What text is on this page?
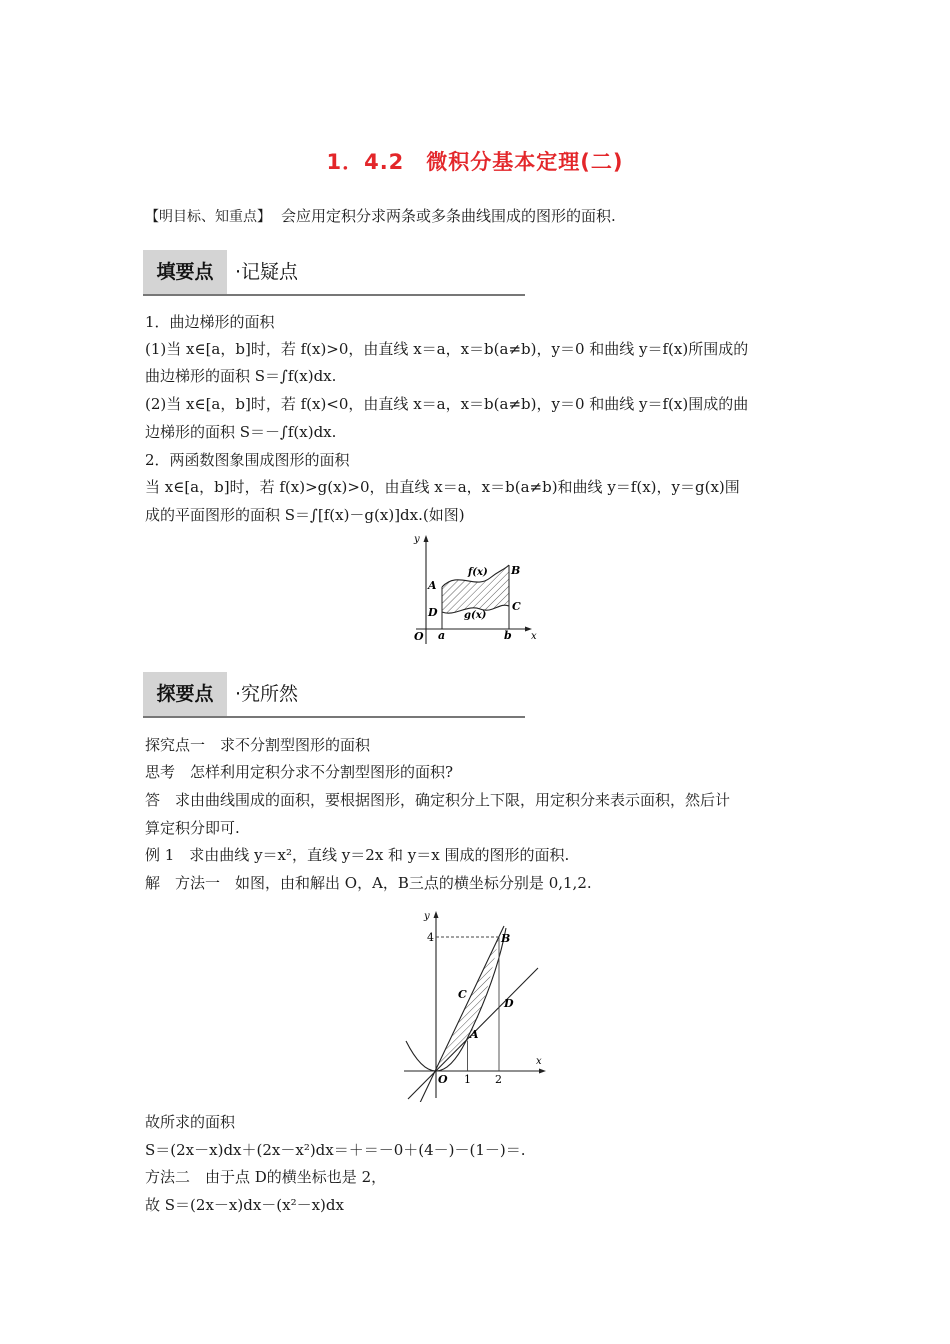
1．4.2　微积分基本定理(二)
【明目标、知重点】 会应用定积分求两条或多条曲线围成的图形的面积.
填要点	·记疑点
1．曲边梯形的面积
(1)当 x∈[a，b]时，若 f(x)>0，由直线 x＝a，x＝b(a≠b)，y＝0 和曲线 y＝f(x)所围成的
曲边梯形的面积 S＝∫f(x)dx.
(2)当 x∈[a，b]时，若 f(x)<0，由直线 x＝a，x＝b(a≠b)，y＝0 和曲线 y＝f(x)围成的曲
边梯形的面积 S＝－∫f(x)dx.
2．两函数图象围成图形的面积
当 x∈[a，b]时，若 f(x)>g(x)>0，由直线 x＝a，x＝b(a≠b)和曲线 y＝f(x)，y＝g(x)围
成的平面图形的面积 S＝∫[f(x)－g(x)]dx.(如图)
y
x
O a	b
A
B
C
D
f(x)
g(x)
探要点	·究所然
探究点一　求不分割型图形的面积
思考　怎样利用定积分求不分割型图形的面积?
答　求由曲线围成的面积，要根据图形，确定积分上下限，用定积分来表示面积，然后计
算定积分即可.
例 1　求由曲线 y＝x²，直线 y＝2x 和 y＝x 围成的图形的面积.
解　方法一　如图，由和解出 O，A，B三点的横坐标分别是 0,1,2.
y
x
O 1 2
4
A
B
C
D
故所求的面积
S＝(2x－x)dx＋(2x－x²)dx＝＋＝－0＋(4－)－(1－)＝.
方法二　由于点 D的横坐标也是 2，
故 S＝(2x－x)dx－(x²－x)dx
